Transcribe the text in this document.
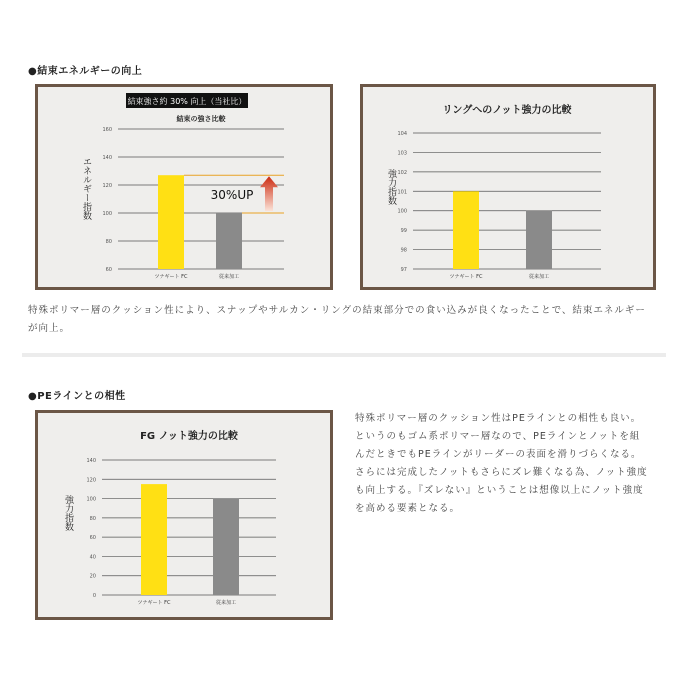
●結束エネルギーの向上
結束強さ約 30% 向上（当社比）
結束の強さ比較
60
80
100
120
140
160
エネルギー指数
ツナギート FC	従来加工
30%UP
リングへのノット強力の比較
97
98
99
100
101
102
103
104
強力指数
ツナギート FC	従来加工
特殊ポリマー層のクッション性により、スナップやサルカン・リングの結束部分での食い込みが良くなったことで、結束エネルギーが向上。
●PEラインとの相性
FG ノット強力の比較
0
20
40
60
80
100
120
140
強力指数
ツナギート FC	従来加工
特殊ポリマー層のクッション性はPEラインとの相性も良い。
というのもゴム系ポリマー層なので、PEラインとノットを組
んだときでもPEラインがリーダーの表面を滑りづらくなる。
さらには完成したノットもさらにズレ難くなる為、ノット強度
も向上する。『ズレない』ということは想像以上にノット強度
を高める要素となる。
